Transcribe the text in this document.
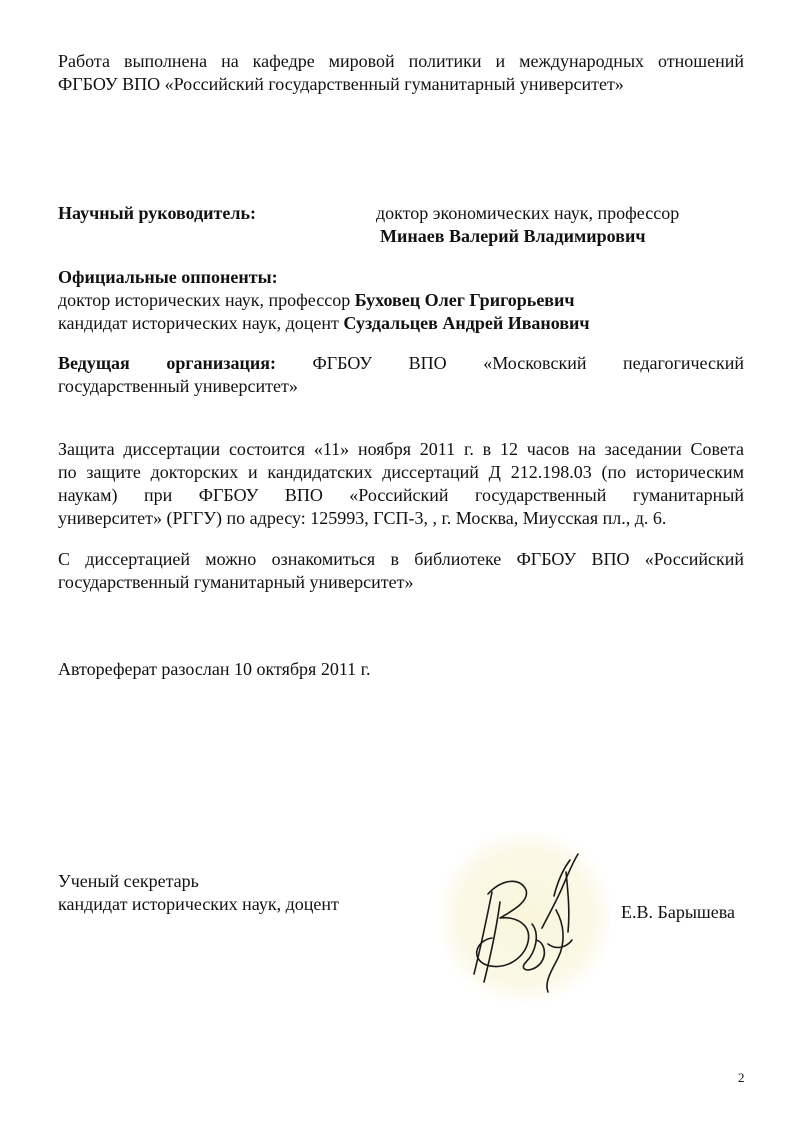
Работа выполнена на кафедре мировой политики и международных отношений
ФГБОУ ВПО «Российский государственный гуманитарный университет»
Научный руководитель:	доктор экономических наук, профессор
Минаев Валерий Владимирович
Официальные оппоненты:
доктор исторических наук, профессор Буховец Олег Григорьевич
кандидат исторических наук, доцент Суздальцев Андрей Иванович
Ведущая организация: ФГБОУ ВПО «Московский педагогический
государственный университет»
Защита диссертации состоится «11» ноября 2011 г. в 12 часов на заседании Совета
по защите докторских и кандидатских диссертаций Д 212.198.03 (по историческим
наукам) при ФГБОУ ВПО «Российский государственный гуманитарный
университет» (РГГУ) по адресу: 125993, ГСП-3, , г. Москва, Миусская пл., д. 6.
С диссертацией можно ознакомиться в библиотеке ФГБОУ ВПО «Российский
государственный гуманитарный университет»
Автореферат разослан 10 октября 2011 г.
Ученый секретарь
кандидат исторических наук, доцент	Е.В. Барышева
2
